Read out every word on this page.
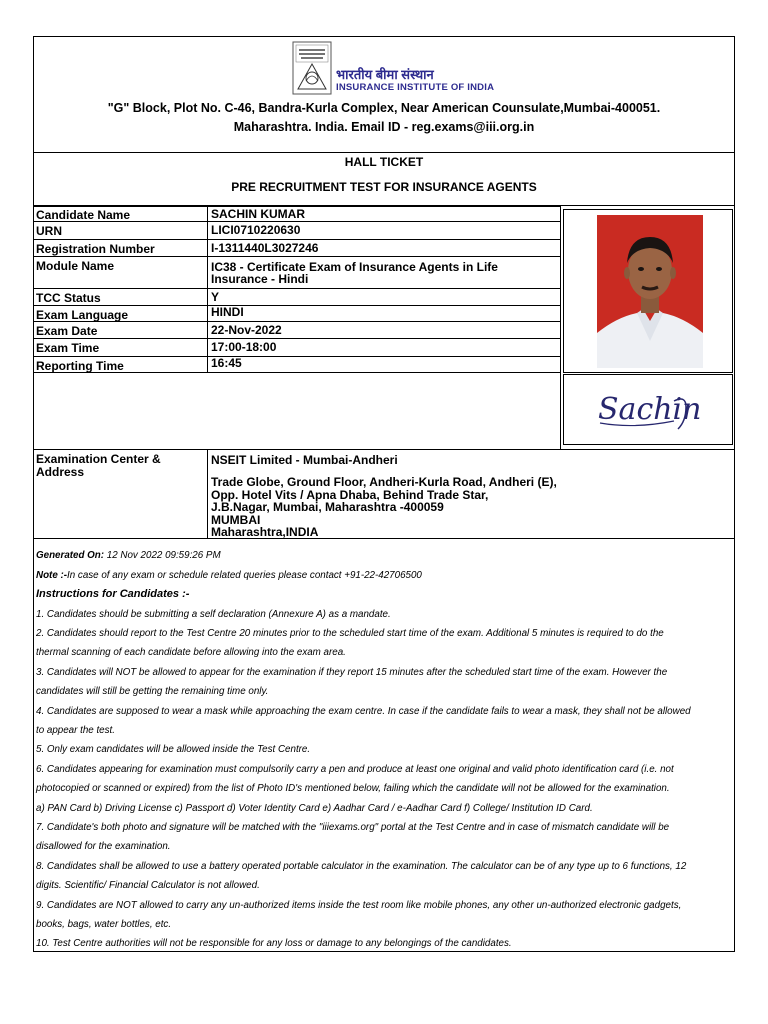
भारतीय बीमा संस्थान
INSURANCE INSTITUTE OF INDIA
"G" Block, Plot No. C-46, Bandra-Kurla Complex, Near American Counsulate,Mumbai-400051.
Maharashtra. India. Email ID - reg.exams@iii.org.in
HALL TICKET
PRE RECRUITMENT TEST FOR INSURANCE AGENTS
Candidate Name	SACHIN KUMAR
URN	LICI0710220630
Registration Number	I-1311440L3027246
Module Name	IC38 - Certificate Exam of Insurance Agents in Life Insurance - Hindi
TCC Status	Y
Exam Language	HINDI
Exam Date	22-Nov-2022
Exam Time	17:00-18:00
Reporting Time	16:45
Sachin
Examination Center & Address
NSEIT Limited - Mumbai-Andheri
Trade Globe, Ground Floor, Andheri-Kurla Road, Andheri (E),
Opp. Hotel Vits / Apna Dhaba, Behind Trade Star,
J.B.Nagar, Mumbai, Maharashtra -400059
MUMBAI
Maharashtra,INDIA
Generated On: 12 Nov 2022 09:59:26 PM
Note :-In case of any exam or schedule related queries please contact +91-22-42706500
Instructions for Candidates :-
1. Candidates should be submitting a self declaration (Annexure A) as a mandate.
2. Candidates should report to the Test Centre 20 minutes prior to the scheduled start time of the exam. Additional 5 minutes is required to do the
thermal scanning of each candidate before allowing into the exam area.
3. Candidates will NOT be allowed to appear for the examination if they report 15 minutes after the scheduled start time of the exam. However the
candidates will still be getting the remaining time only.
4. Candidates are supposed to wear a mask while approaching the exam centre. In case if the candidate fails to wear a mask, they shall not be allowed
to appear the test.
5. Only exam candidates will be allowed inside the Test Centre.
6. Candidates appearing for examination must compulsorily carry a pen and produce at least one original and valid photo identification card (i.e. not
photocopied or scanned or expired) from the list of Photo ID's mentioned below, failing which the candidate will not be allowed for the examination.
a) PAN Card b) Driving License c) Passport d) Voter Identity Card e) Aadhar Card / e-Aadhar Card f) College/ Institution ID Card.
7. Candidate's both photo and signature will be matched with the "iiiexams.org" portal at the Test Centre and in case of mismatch candidate will be
disallowed for the examination.
8. Candidates shall be allowed to use a battery operated portable calculator in the examination. The calculator can be of any type up to 6 functions, 12
digits. Scientific/ Financial Calculator is not allowed.
9. Candidates are NOT allowed to carry any un-authorized items inside the test room like mobile phones, any other un-authorized electronic gadgets,
books, bags, water bottles, etc.
10. Test Centre authorities will not be responsible for any loss or damage to any belongings of the candidates.
